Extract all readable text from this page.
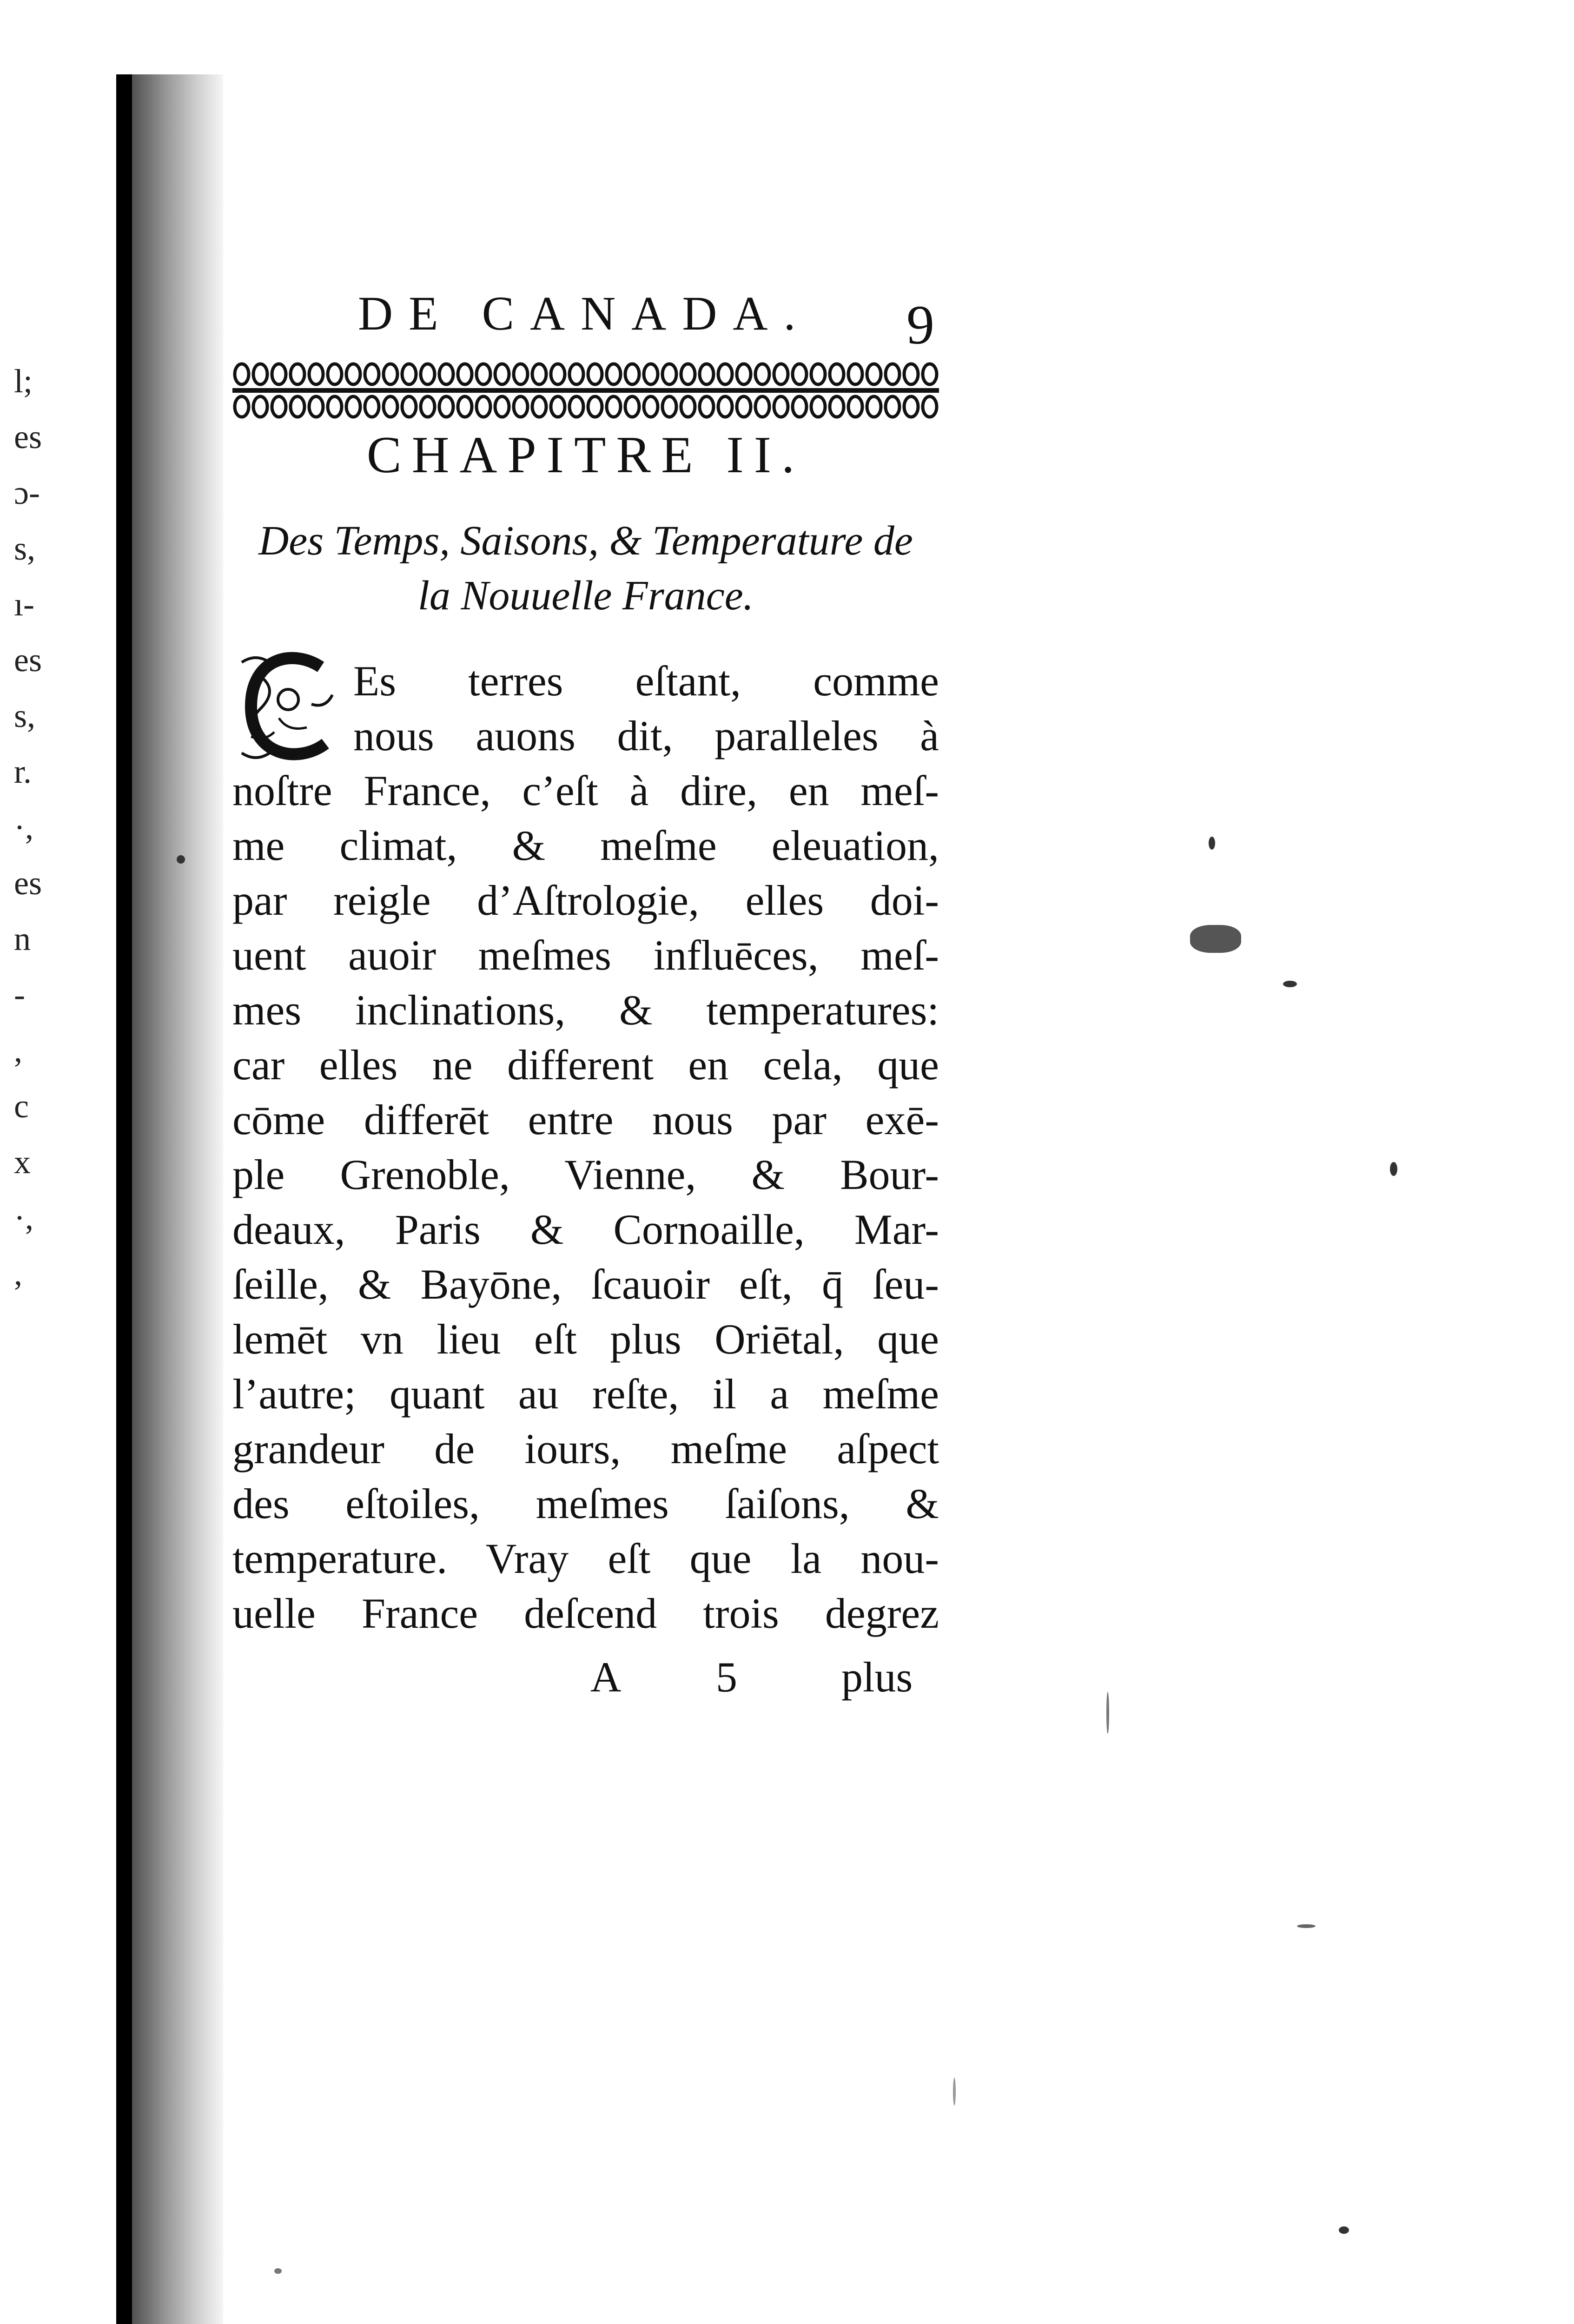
l;
es
ɔ-
s,
ı-
es
s,
r.
·,
es
n
-
,
c
x
·,
,
DE CANADA.	9
CHAPITRE II.
Des Temps, Saisons, & Temperature de
la Nouuelle France.
Es terres eſtant, comme
nous auons dit, paralleles à
noſtre France, c’eſt à dire, en meſ-
me climat, & meſme eleuation,
par reigle d’Aſtrologie, elles doi-
uent auoir meſmes influēces, meſ-
mes inclinations, & temperatures:
car elles ne different en cela, que
cōme differēt entre nous par exē-
ple Grenoble, Vienne, & Bour-
deaux, Paris & Cornoaille, Mar-
ſeille, & Bayōne, ſcauoir eſt, q̄ ſeu-
lemēt vn lieu eſt plus Oriētal, que
l’autre; quant au reſte, il a meſme
grandeur de iours, meſme aſpect
des eſtoiles, meſmes ſaiſons, &
temperature. Vray eſt que la nou-
uelle France deſcend trois degrez
A 5 plus
